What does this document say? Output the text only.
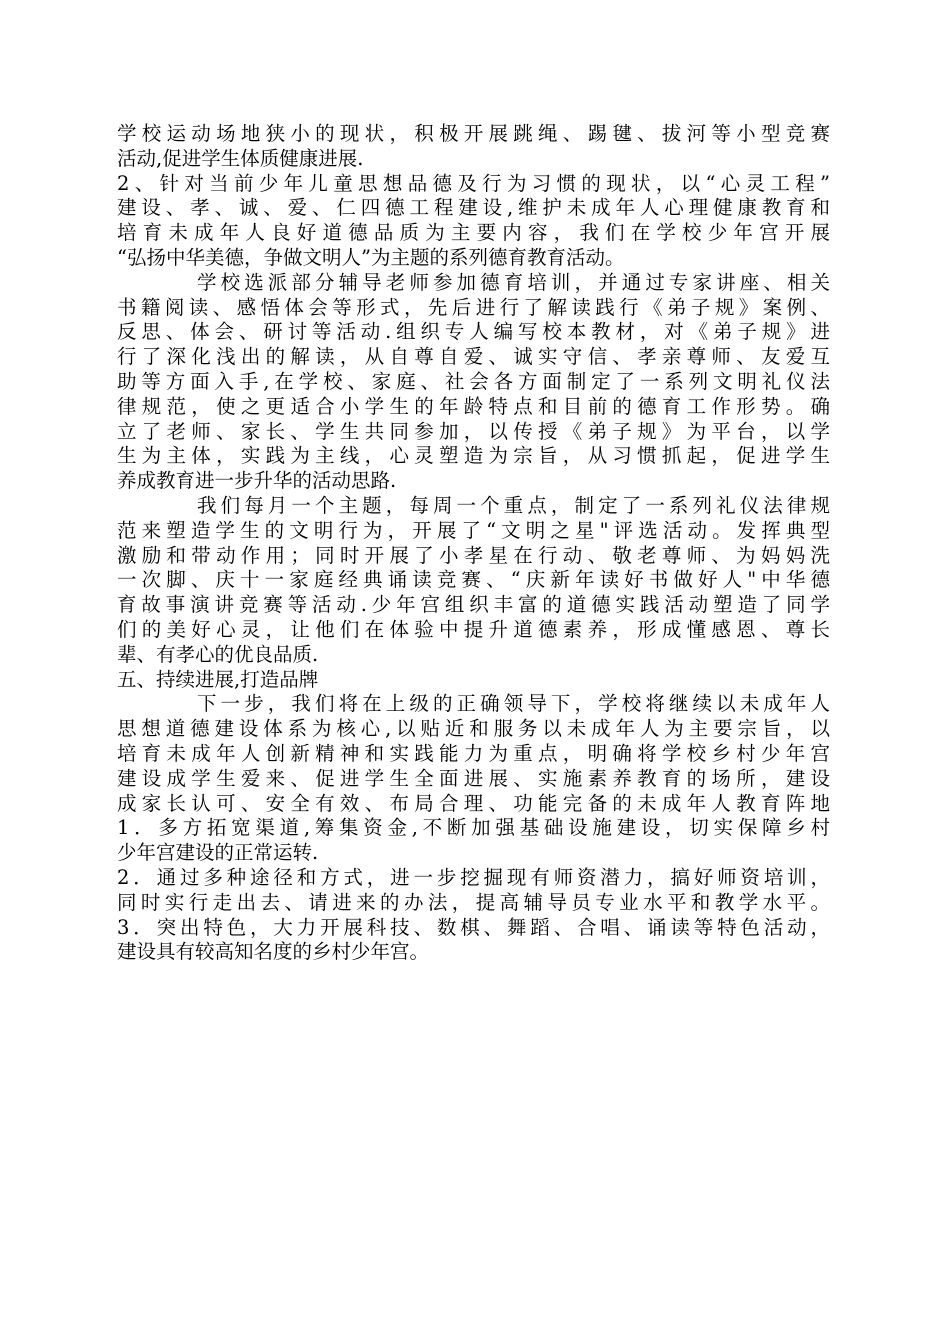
学校运动场地狭小的现状，积极开展跳绳、踢毽、拔河等小型竞赛
活动,促进学生体质健康进展.
2、针对当前少年儿童思想品德及行为习惯的现状，以“心灵工程”
建设、孝、诚、爱、仁四德工程建设,维护未成年人心理健康教育和
培育未成年人良好道德品质为主要内容，我们在学校少年宫开展
“弘扬中华美德，争做文明人”为主题的系列德育教育活动。
学校选派部分辅导老师参加德育培训，并通过专家讲座、相关
书籍阅读、感悟体会等形式，先后进行了解读践行《弟子规》案例、
反思、体会、研讨等活动.组织专人编写校本教材，对《弟子规》进
行了深化浅出的解读，从自尊自爱、诚实守信、孝亲尊师、友爱互
助等方面入手,在学校、家庭、社会各方面制定了一系列文明礼仪法
律规范，使之更适合小学生的年龄特点和目前的德育工作形势。确
立了老师、家长、学生共同参加，以传授《弟子规》为平台，以学
生为主体，实践为主线，心灵塑造为宗旨，从习惯抓起，促进学生
养成教育进一步升华的活动思路.
我们每月一个主题，每周一个重点，制定了一系列礼仪法律规
范来塑造学生的文明行为，开展了“文明之星"评选活动。发挥典型
激励和带动作用；同时开展了小孝星在行动、敬老尊师、为妈妈洗
一次脚、庆十一家庭经典诵读竞赛、“庆新年读好书做好人"中华德
育故事演讲竞赛等活动.少年宫组织丰富的道德实践活动塑造了同学
们的美好心灵，让他们在体验中提升道德素养，形成懂感恩、尊长
辈、有孝心的优良品质.
五、持续进展,打造品牌
下一步，我们将在上级的正确领导下，学校将继续以未成年人
思想道德建设体系为核心,以贴近和服务以未成年人为主要宗旨，以
培育未成年人创新精神和实践能力为重点，明确将学校乡村少年宫
建设成学生爱来、促进学生全面进展、实施素养教育的场所，建设
成家长认可、安全有效、布局合理、功能完备的未成年人教育阵地
1．多方拓宽渠道,筹集资金,不断加强基础设施建设，切实保障乡村
少年宫建设的正常运转.
2．通过多种途径和方式，进一步挖掘现有师资潜力，搞好师资培训，
同时实行走出去、请进来的办法，提高辅导员专业水平和教学水平。
3．突出特色，大力开展科技、数棋、舞蹈、合唱、诵读等特色活动，
建设具有较高知名度的乡村少年宫。
